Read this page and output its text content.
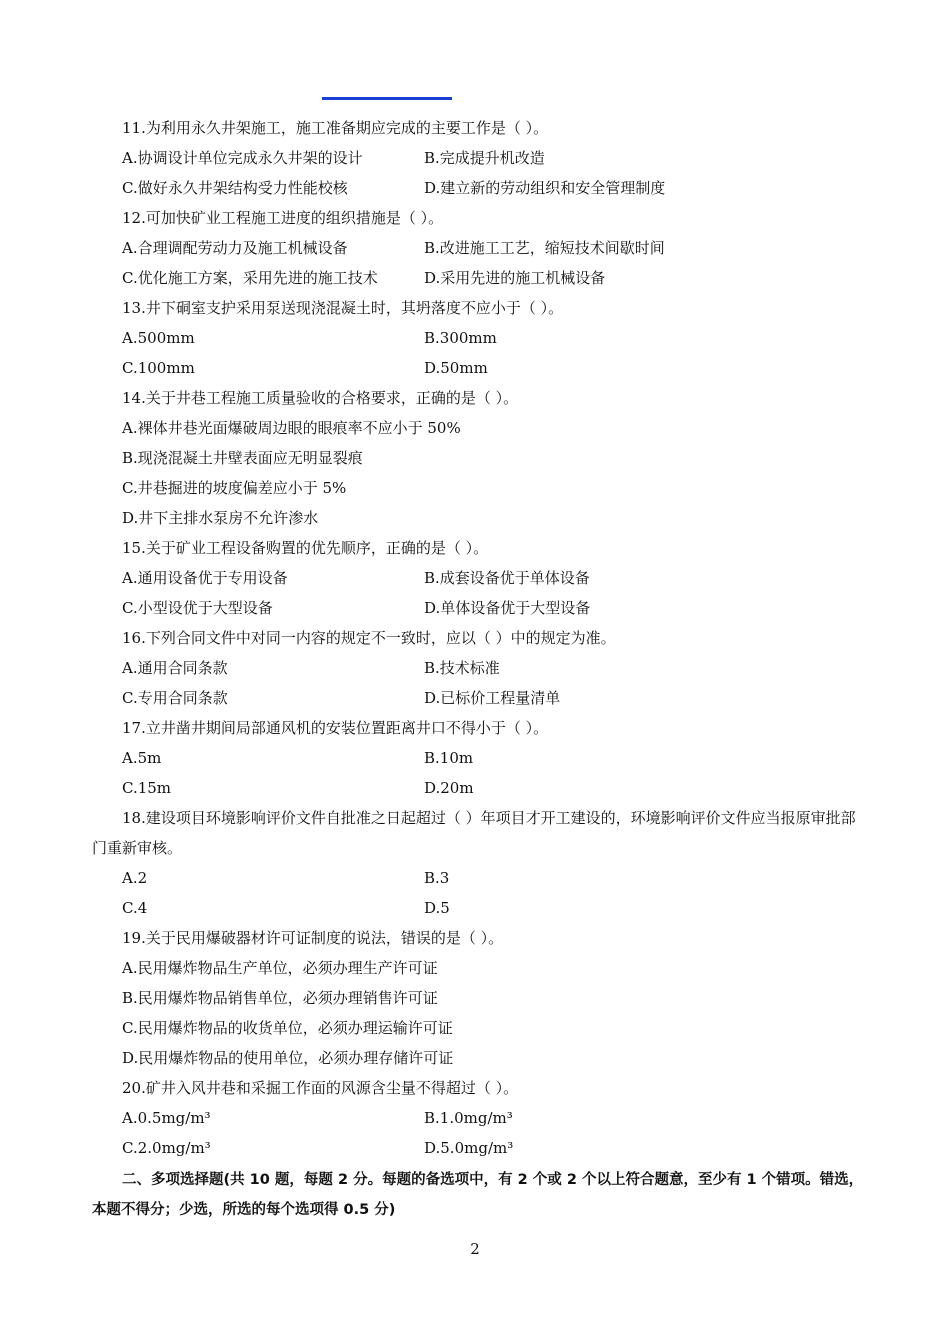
11.为利用永久井架施工，施工准备期应完成的主要工作是（ ）。
A.协调设计单位完成永久井架的设计	B.完成提升机改造
C.做好永久井架结构受力性能校核	D.建立新的劳动组织和安全管理制度
12.可加快矿业工程施工进度的组织措施是（ ）。
A.合理调配劳动力及施工机械设备	B.改进施工工艺，缩短技术间歇时间
C.优化施工方案，采用先进的施工技术	D.采用先进的施工机械设备
13.井下硐室支护采用泵送现浇混凝土时，其坍落度不应小于（ ）。
A.500mm	B.300mm
C.100mm	D.50mm
14.关于井巷工程施工质量验收的合格要求，正确的是（ ）。
A.裸体井巷光面爆破周边眼的眼痕率不应小于 50%
B.现浇混凝土井壁表面应无明显裂痕
C.井巷掘进的坡度偏差应小于 5%
D.井下主排水泵房不允许渗水
15.关于矿业工程设备购置的优先顺序，正确的是（ ）。
A.通用设备优于专用设备	B.成套设备优于单体设备
C.小型设优于大型设备	D.单体设备优于大型设备
16.下列合同文件中对同一内容的规定不一致时，应以（ ）中的规定为准。
A.通用合同条款	B.技术标准
C.专用合同条款	D.已标价工程量清单
17.立井凿井期间局部通风机的安装位置距离井口不得小于（ ）。
A.5m	B.10m
C.15m	D.20m
18.建设项目环境影响评价文件自批准之日起超过（ ）年项目才开工建设的，环境影响评价文件应当报原审批部门重新审核。
A.2	B.3
C.4	D.5
19.关于民用爆破器材许可证制度的说法，错误的是（ ）。
A.民用爆炸物品生产单位，必须办理生产许可证
B.民用爆炸物品销售单位，必须办理销售许可证
C.民用爆炸物品的收货单位，必须办理运输许可证
D.民用爆炸物品的使用单位，必须办理存储许可证
20.矿井入风井巷和采掘工作面的风源含尘量不得超过（ ）。
A.0.5mg/m³	B.1.0mg/m³
C.2.0mg/m³	D.5.0mg/m³
二、多项选择题(共 10 题，每题 2 分。每题的备选项中，有 2 个或 2 个以上符合题意，至少有 1 个错项。错选，本题不得分；少选，所选的每个选项得 0.5 分)
2
